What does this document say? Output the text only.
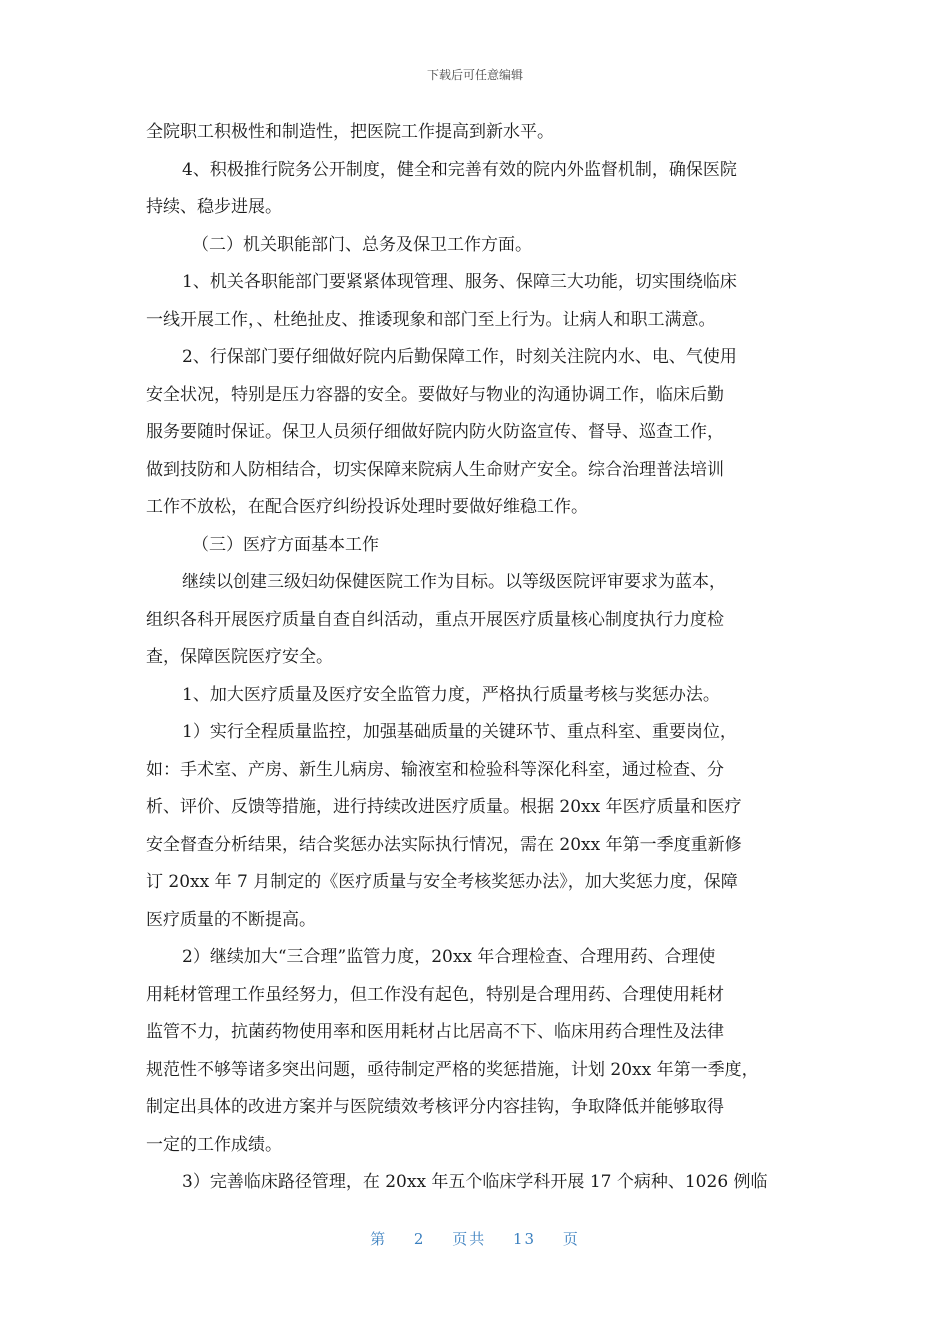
下载后可任意编辑
全院职工积极性和制造性，把医院工作提高到新水平。
4、积极推行院务公开制度，健全和完善有效的院内外监督机制，确保医院
持续、稳步进展。
（二）机关职能部门、总务及保卫工作方面。
1、机关各职能部门要紧紧体现管理、服务、保障三大功能，切实围绕临床
一线开展工作，、杜绝扯皮、推诿现象和部门至上行为。让病人和职工满意。
2、行保部门要仔细做好院内后勤保障工作，时刻关注院内水、电、气使用
安全状况，特别是压力容器的安全。要做好与物业的沟通协调工作，临床后勤
服务要随时保证。保卫人员须仔细做好院内防火防盗宣传、督导、巡查工作，
做到技防和人防相结合，切实保障来院病人生命财产安全。综合治理普法培训
工作不放松，在配合医疗纠纷投诉处理时要做好维稳工作。
（三）医疗方面基本工作
继续以创建三级妇幼保健医院工作为目标。以等级医院评审要求为蓝本，
组织各科开展医疗质量自查自纠活动，重点开展医疗质量核心制度执行力度检
查，保障医院医疗安全。
1、加大医疗质量及医疗安全监管力度，严格执行质量考核与奖惩办法。
1）实行全程质量监控，加强基础质量的关键环节、重点科室、重要岗位，
如：手术室、产房、新生儿病房、输液室和检验科等深化科室，通过检查、分
析、评价、反馈等措施，进行持续改进医疗质量。根据 20xx 年医疗质量和医疗
安全督查分析结果，结合奖惩办法实际执行情况，需在 20xx 年第一季度重新修
订 20xx 年 7 月制定的《医疗质量与安全考核奖惩办法》，加大奖惩力度，保障
医疗质量的不断提高。
2）继续加大“三合理”监管力度，20xx 年合理检查、合理用药、合理使
用耗材管理工作虽经努力，但工作没有起色，特别是合理用药、合理使用耗材
监管不力，抗菌药物使用率和医用耗材占比居高不下、临床用药合理性及法律
规范性不够等诸多突出问题，亟待制定严格的奖惩措施，计划 20xx 年第一季度，
制定出具体的改进方案并与医院绩效考核评分内容挂钩，争取降低并能够取得
一定的工作成绩。
3）完善临床路径管理，在 20xx 年五个临床学科开展 17 个病种、1026 例临
第 2 页共 13 页
